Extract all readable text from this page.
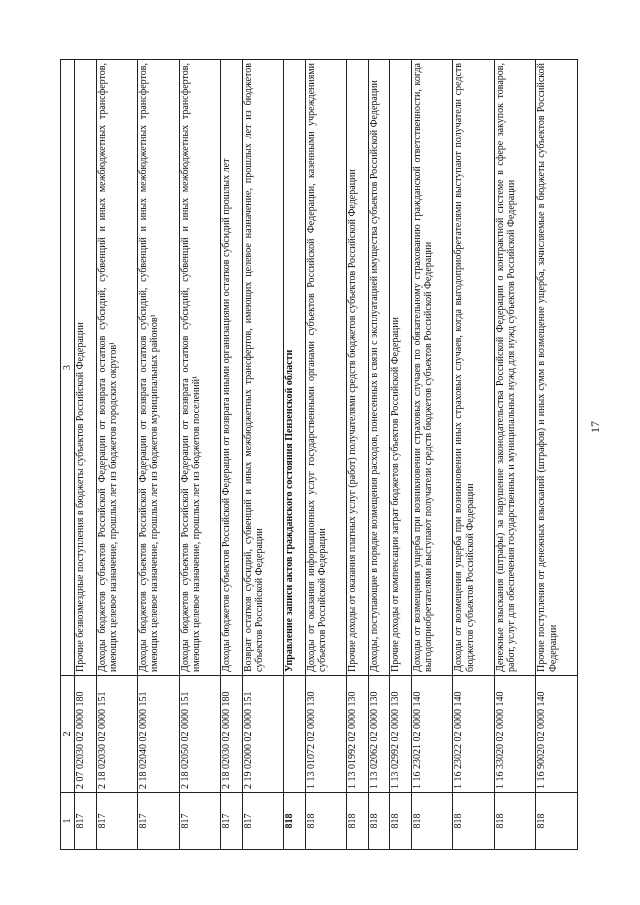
17
1	2	3
817	2 07 02030 02 0000 180	Прочие безвозмездные поступления в бюджеты субъектов Российской Федерации
817	2 18 02030 02 0000 151	Доходы бюджетов субъектов Российской Федерации от возврата остатков субсидий, субвенций и иных межбюджетных трансфертов, имеющих целевое назначение, прошлых лет из бюджетов городских округов¹
817	2 18 02040 02 0000 151	Доходы бюджетов субъектов Российской Федерации от возврата остатков субсидий, субвенций и иных межбюджетных трансфертов, имеющих целевое назначение, прошлых лет из бюджетов муниципальных районов¹
817	2 18 02050 02 0000 151	Доходы бюджетов субъектов Российской Федерации от возврата остатков субсидий, субвенций и иных межбюджетных трансфертов, имеющих целевое назначение, прошлых лет из бюджетов поселений¹
817	2 18 02030 02 0000 180	Доходы бюджетов субъектов Российской Федерации от возврата иными организациями остатков субсидий прошлых лет
817	2 19 02000 02 0000 151	Возврат остатков субсидий, субвенций и иных межбюджетных трансфертов, имеющих целевое назначение, прошлых лет из бюджетов субъектов Российской Федерации
818		Управление записи актов гражданского состояния Пензенской области
818	1 13 01072 02 0000 130	Доходы от оказания информационных услуг государственными органами субъектов Российской Федерации, казенными учреждениями субъектов Российской Федерации
818	1 13 01992 02 0000 130	Прочие доходы от оказания платных услуг (работ) получателями средств бюджетов субъектов Российской Федерации
818	1 13 02062 02 0000 130	Доходы, поступающие в порядке возмещения расходов, понесенных в связи с эксплуатацией имущества субъектов Российской Федерации
818	1 13 02992 02 0000 130	Прочие доходы от компенсации затрат бюджетов субъектов Российской Федерации
818	1 16 23021 02 0000 140	Доходы от возмещения ущерба при возникновении страховых случаев по обязательному страхованию гражданской ответственности, когда выгодоприобретателями выступают получатели средств бюджетов субъектов Российской Федерации
818	1 16 23022 02 0000 140	Доходы от возмещения ущерба при возникновении иных страховых случаев, когда выгодоприобретателями выступают получатели средств бюджетов субъектов Российской Федерации
818	1 16 33020 02 0000 140	Денежные взыскания (штрафы) за нарушение законодательства Российской Федерации о контрактной системе в сфере закупок товаров, работ, услуг для обеспечения государственных и муниципальных нужд для нужд субъектов Российской Федерации
818	1 16 90020 02 0000 140	Прочие поступления от денежных взысканий (штрафов) и иных сумм в возмещение ущерба, зачисляемые в бюджеты субъектов Российской Федерации
